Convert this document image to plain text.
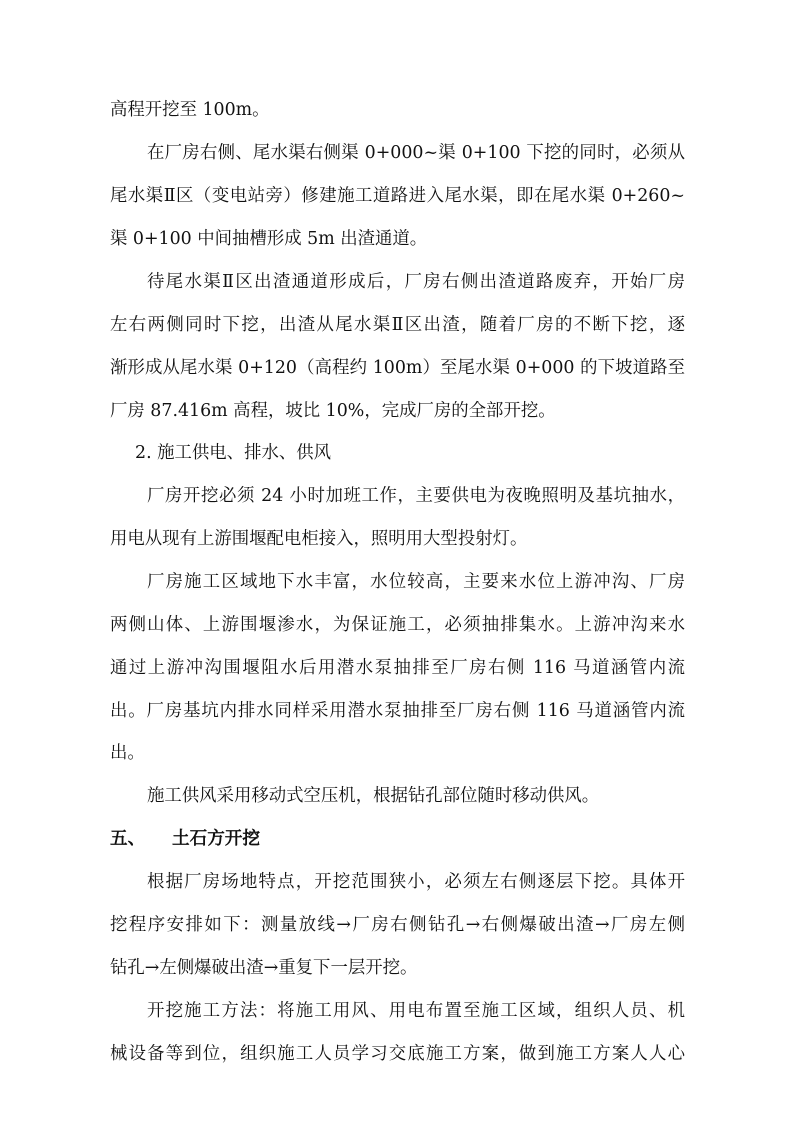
高程开挖至 100m。
在厂房右侧、尾水渠右侧渠 0+000~渠 0+100 下挖的同时，必须从
尾水渠Ⅱ区（变电站旁）修建施工道路进入尾水渠，即在尾水渠 0+260~
渠 0+100 中间抽槽形成 5m 出渣通道。
待尾水渠Ⅱ区出渣通道形成后，厂房右侧出渣道路废弃，开始厂房
左右两侧同时下挖，出渣从尾水渠Ⅱ区出渣，随着厂房的不断下挖，逐
渐形成从尾水渠 0+120（高程约 100m）至尾水渠 0+000 的下坡道路至
厂房 87.416m 高程，坡比 10%，完成厂房的全部开挖。
2. 施工供电、排水、供风
厂房开挖必须 24 小时加班工作，主要供电为夜晚照明及基坑抽水，
用电从现有上游围堰配电柜接入，照明用大型投射灯。
厂房施工区域地下水丰富，水位较高，主要来水位上游冲沟、厂房
两侧山体、上游围堰渗水，为保证施工，必须抽排集水。上游冲沟来水
通过上游冲沟围堰阻水后用潜水泵抽排至厂房右侧 116 马道涵管内流
出。厂房基坑内排水同样采用潜水泵抽排至厂房右侧 116 马道涵管内流
出。
施工供风采用移动式空压机，根据钻孔部位随时移动供风。
五、 土石方开挖
根据厂房场地特点，开挖范围狭小，必须左右侧逐层下挖。具体开
挖程序安排如下：测量放线→厂房右侧钻孔→右侧爆破出渣→厂房左侧
钻孔→左侧爆破出渣→重复下一层开挖。
开挖施工方法：将施工用风、用电布置至施工区域，组织人员、机
械设备等到位，组织施工人员学习交底施工方案，做到施工方案人人心
